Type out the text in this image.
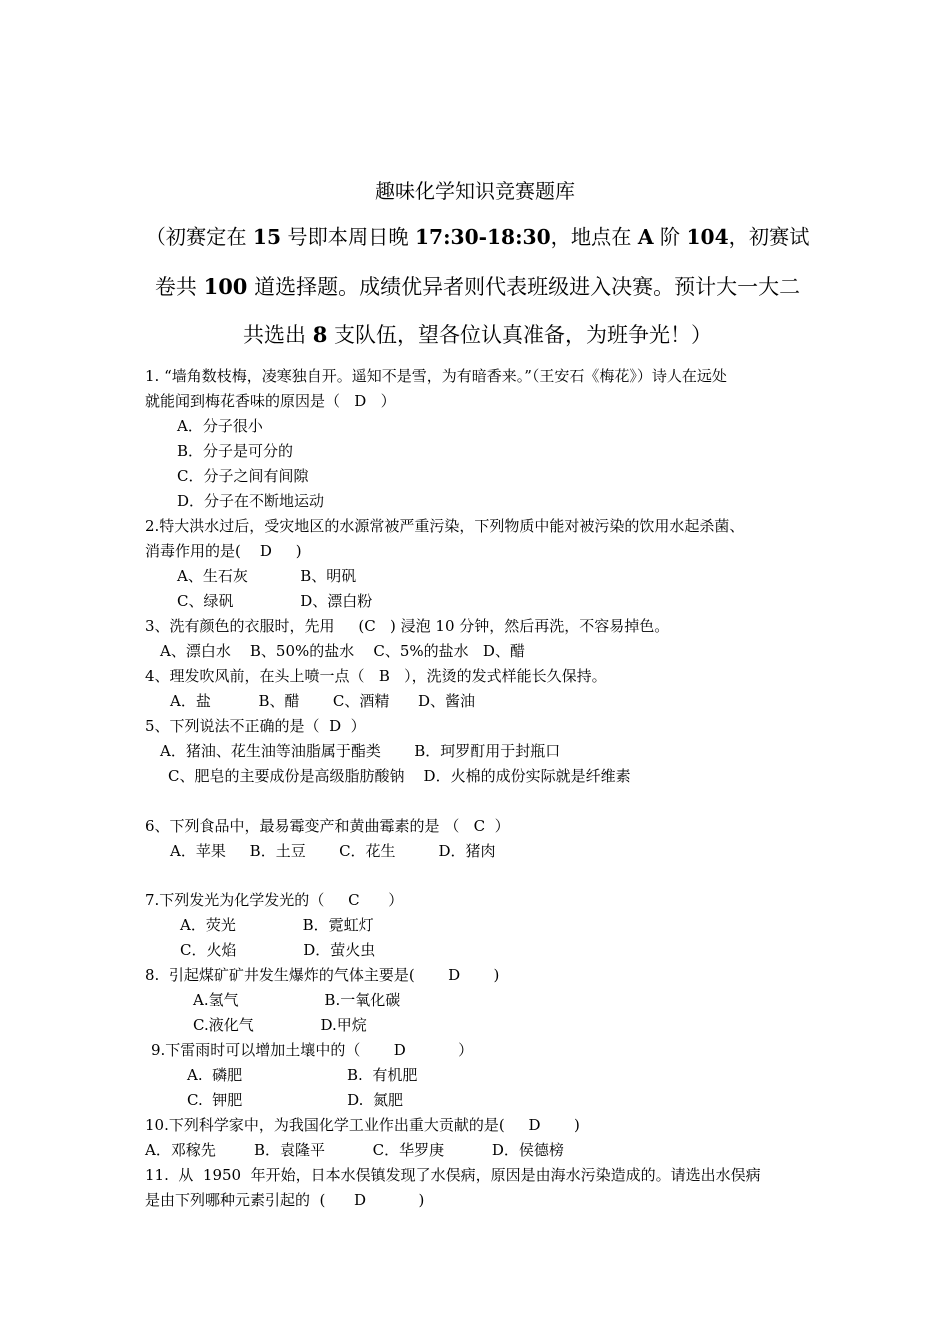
趣味化学知识竞赛题库
（初赛定在 15 号即本周日晚 17:30-18:30，地点在 A 阶 104，初赛试
卷共 100 道选择题。成绩优异者则代表班级进入决赛。预计大一大二
共选出 8 支队伍，望各位认真准备，为班争光！）
1. “墙角数枝梅，凌寒独自开。遥知不是雪，为有暗香来。”（王安石《梅花》）诗人在远处
就能闻到梅花香味的原因是（   D   ）
A．分子很小
B．分子是可分的
C．分子之间有间隙
D．分子在不断地运动
2.特大洪水过后，受灾地区的水源常被严重污染，下列物质中能对被污染的饮用水起杀菌、
消毒作用的是(    D     )
A、生石灰           B、明矾
C、绿矾              D、漂白粉
3、洗有颜色的衣服时，先用     (C   ) 浸泡 10 分钟，然后再洗，不容易掉色。
A、漂白水    B、50%的盐水    C、5%的盐水   D、醋
4、理发吹风前，在头上喷一点（   B   ），洗烫的发式样能长久保持。
A．盐          B、醋       C、酒精      D、酱油
5、下列说法不正确的是（  D  ）
A．猪油、花生油等油脂属于酯类       B．珂罗酊用于封瓶口
C、肥皂的主要成份是高级脂肪酸钠    D．火棉的成份实际就是纤维素
6、下列食品中，最易霉变产和黄曲霉素的是 （   C  ）
A．苹果     B．土豆       C．花生         D．猪肉
7.下列发光为化学发光的（     C      ）
A．荧光              B．霓虹灯
C．火焰              D．萤火虫
8.  引起煤矿矿井发生爆炸的气体主要是(       D       )
A.氢气                  B.一氧化碳
C.液化气              D.甲烷
9.下雷雨时可以增加土壤中的（       D           ）
A.  磷肥                      B.  有机肥
C.  钾肥                      D.  氮肥
10.下列科学家中，为我国化学工业作出重大贡献的是(     D       )
A．邓稼先        B．袁隆平          C．华罗庚          D．侯德榜
11.  从  1950  年开始，日本水俣镇发现了水俣病，原因是由海水污染造成的。请选出水俣病
是由下列哪种元素引起的  (      D           )
